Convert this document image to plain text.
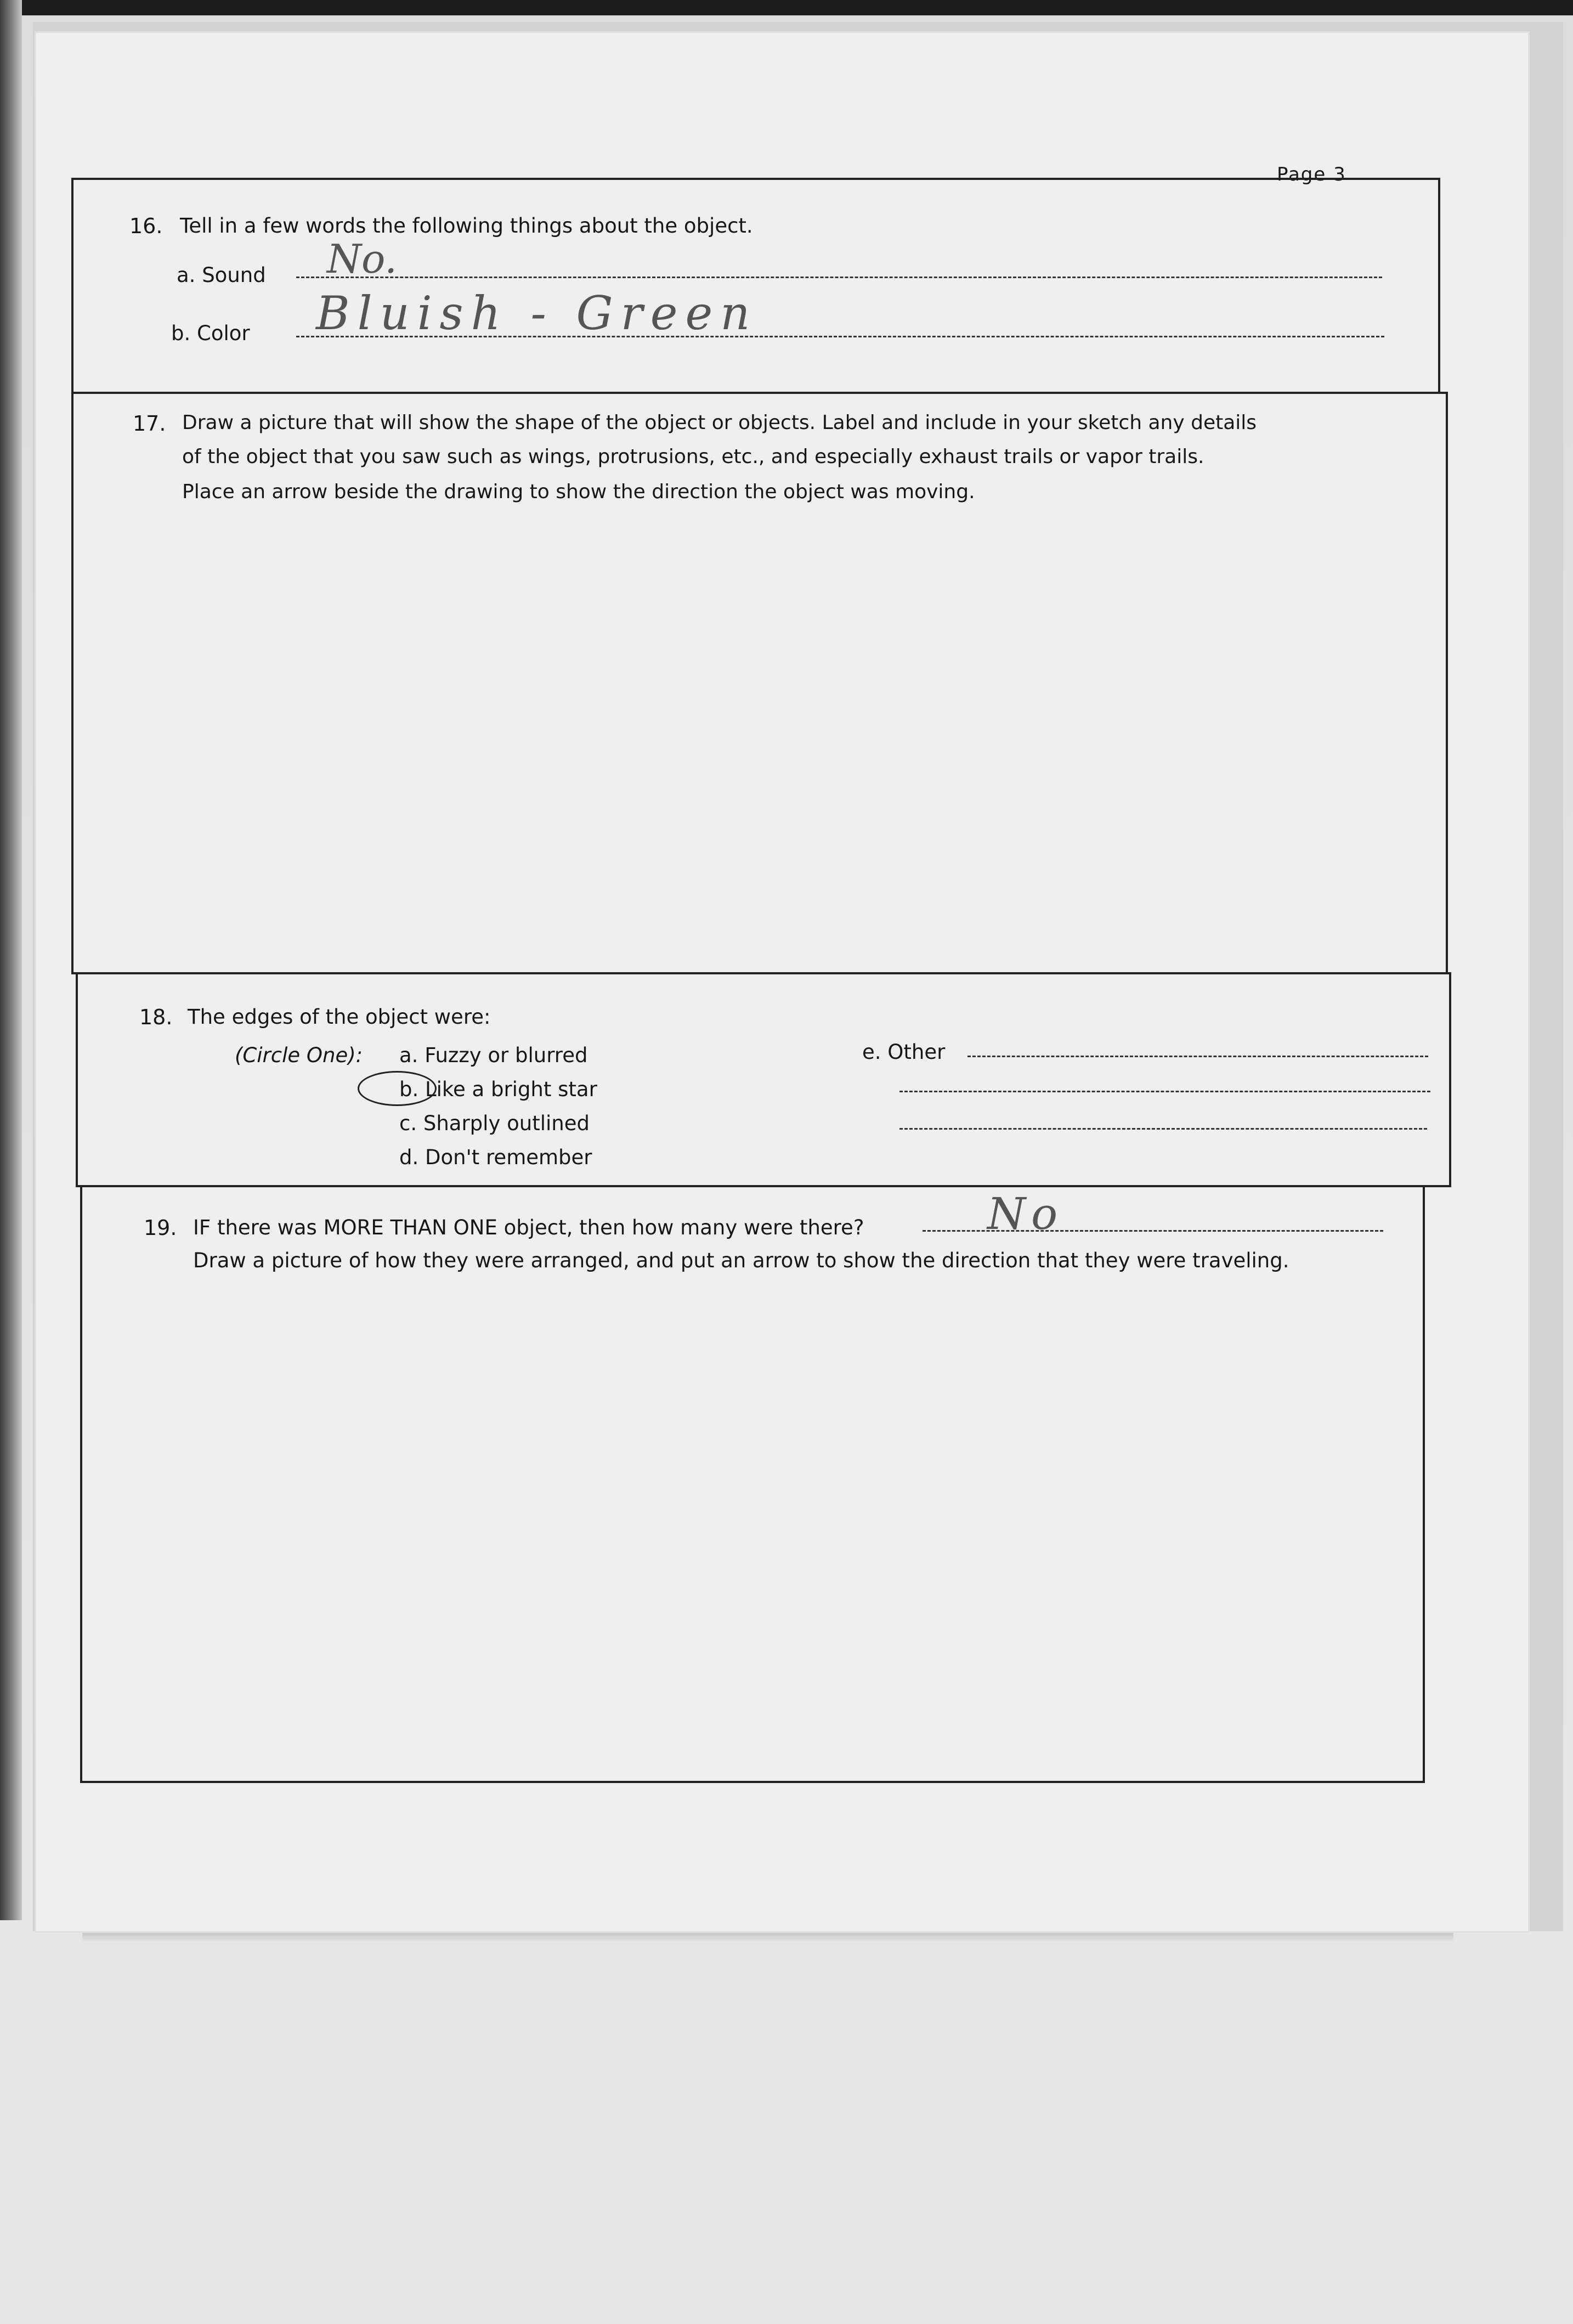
Page 3
16. Tell in a few words the following things about the object.
a. Sound No.
b. Color Bluish - Green
17. Draw a picture that will show the shape of the object or objects. Label and include in your sketch any details
of the object that you saw such as wings, protrusions, etc., and especially exhaust trails or vapor trails.
Place an arrow beside the drawing to show the direction the object was moving.
18. The edges of the object were:
(Circle One): a. Fuzzy or blurred
b. Like a bright star
c. Sharply outlined
d. Don't remember
e. Other
19. IF there was MORE THAN ONE object, then how many were there?	No
Draw a picture of how they were arranged, and put an arrow to show the direction that they were traveling.
